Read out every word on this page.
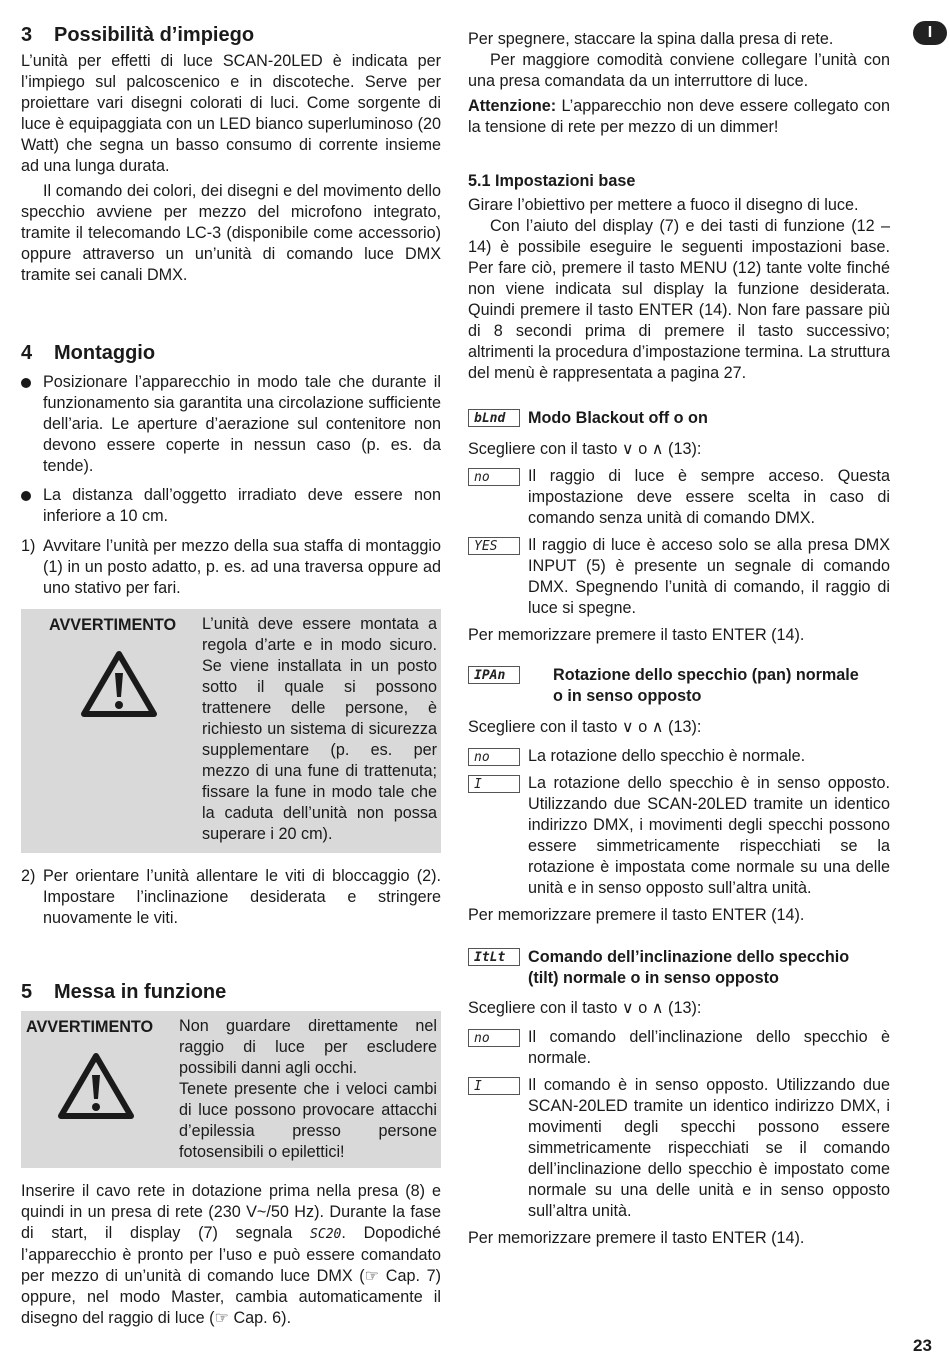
3 Possibilità d’impiego

L’unità per effetti di luce SCAN-20LED è indicata per l’impiego sul palcoscenico e in discoteche. Serve per proiettare vari disegni colorati di luci. Come sorgente di luce è equipaggiata con un LED bianco superluminoso (20 Watt) che segna un basso consumo di corrente insieme ad una lunga durata.

Il comando dei colori, dei disegni e del movimento dello specchio avviene per mezzo del microfono integrato, tramite il telecomando LC-3 (disponibile come accessorio) oppure attraverso un un’unità di comando luce DMX tramite sei canali DMX.

4 Montaggio
Posizionare l’apparecchio in modo tale che durante il funzionamento sia garantita una circolazione sufficiente dell’aria. Le aperture d’aerazione sul contenitore non devono essere coperte in nessun caso (p. es. da tende).
La distanza dall’oggetto irradiato deve essere non inferiore a 10 cm.
1) Avvitare l’unità per mezzo della sua staffa di montaggio (1) in un posto adatto, p. es. ad una traversa oppure ad uno stativo per fari.
AVVERTIMENTO L’unità deve essere montata a regola d’arte e in modo sicuro. Se viene installata in un posto sotto il quale si possono trattenere delle persone, è richiesto un sistema di sicurezza supplementare (p. es. per mezzo di una fune di trattenuta; fissare la fune in modo tale che la caduta dell’unità non possa superare i 20 cm).
2) Per orientare l’unità allentare le viti di bloccaggio (2). Impostare l’inclinazione desiderata e stringere nuovamente le viti.
5 Messa in funzione
AVVERTIMENTO Non guardare direttamente nel raggio di luce per escludere possibili danni agli occhi.
Tenete presente che i veloci cambi di luce possono provocare attacchi d’epilessia presso persone fotosensibili o epilettici!

Inserire il cavo rete in dotazione prima nella presa (8) e quindi in un presa di rete (230 V~/50 Hz). Durante la fase di start, il display (7) segnala SC20. Dopodiché l’apparecchio è pronto per l’uso e può essere comandato per mezzo di un’unità di comando luce DMX (☞ Cap. 7) oppure, nel modo Master, cambia automaticamente il disegno del raggio di luce (☞ Cap. 6).

Per spegnere, staccare la spina dalla presa di rete.

Per maggiore comodità conviene collegare l’unità con una presa comandata da un interruttore di luce.

Attenzione: L’apparecchio non deve essere collegato con la tensione di rete per mezzo di un dimmer!

5.1 Impostazioni base

Girare l’obiettivo per mettere a fuoco il disegno di luce.

Con l’aiuto del display (7) e dei tasti di funzione (12 – 14) è possibile eseguire le seguenti impostazioni base. Per fare ciò, premere il tasto MENU (12) tante volte finché non viene indicata sul display la funzione desiderata. Quindi premere il tasto ENTER (14). Non fare passare più di 8 secondi prima di premere il tasto successivo; altrimenti la procedura d’impostazione termina. La struttura del menù è rappresentata a pagina 27.

bLnd	Modo Blackout off o on

Scegliere con il tasto ∨ o ∧ (13):

no	Il raggio di luce è sempre acceso. Questa impostazione deve essere scelta in caso di comando senza unità di comando DMX.
YES	Il raggio di luce è acceso solo se alla presa DMX INPUT (5) è presente un segnale di comando DMX. Spegnendo l’unità di comando, il raggio di luce si spegne.

Per memorizzare premere il tasto ENTER (14).

IPAn	Rotazione dello specchio (pan) normale
o in senso opposto

Scegliere con il tasto ∨ o ∧ (13):

no	La rotazione dello specchio è normale.
I	La rotazione dello specchio è in senso opposto. Utilizzando due SCAN-20LED tramite un identico indirizzo DMX, i movimenti degli specchi possono essere simmetricamente rispecchiati se la rotazione è impostata come normale su una delle unità e in senso opposto sull’altra unità.

Per memorizzare premere il tasto ENTER (14).

ItLt	Comando dell’inclinazione dello specchio
(tilt) normale o in senso opposto

Scegliere con il tasto ∨ o ∧ (13):

no	Il comando dell’inclinazione dello specchio è normale.
I	Il comando è in senso opposto. Utilizzando due SCAN-20LED tramite un identico indirizzo DMX, i movimenti degli specchi possono essere simmetricamente rispecchiati se il comando dell’inclinazione dello specchio è impostato come normale su una delle unità e in senso opposto sull’altra unità.

Per memorizzare premere il tasto ENTER (14).

I
23
